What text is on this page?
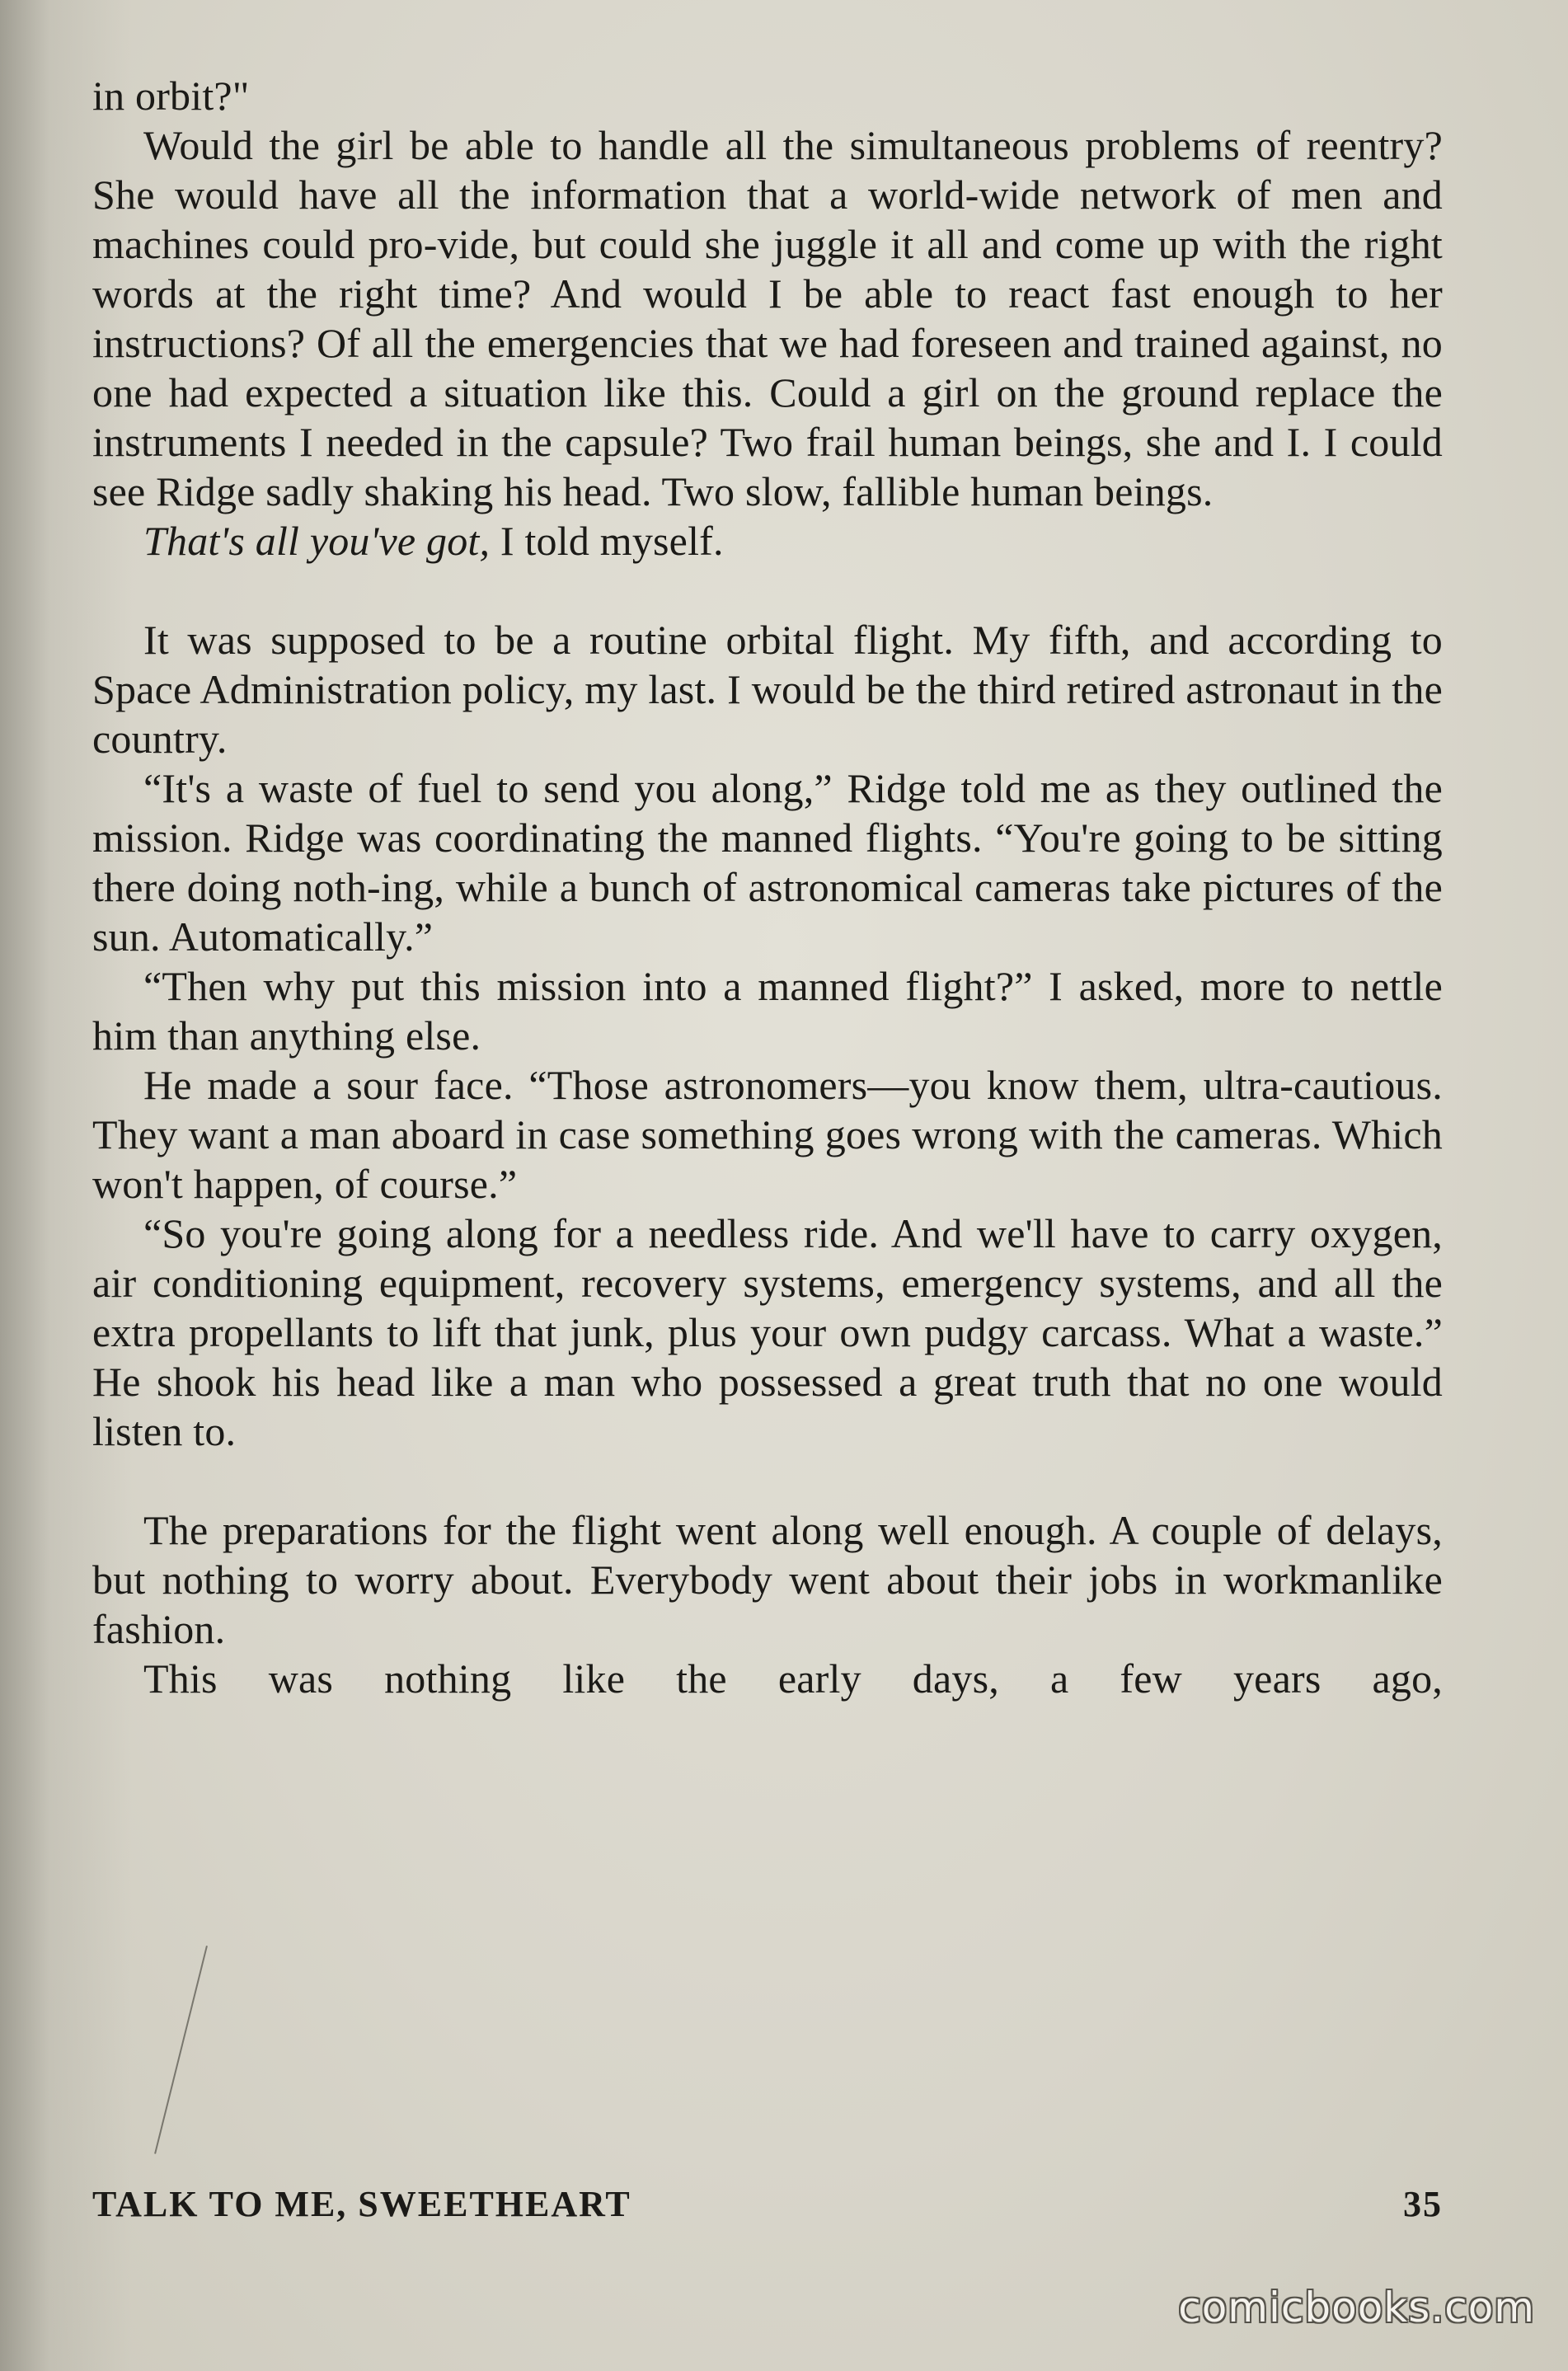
in orbit?"

Would the girl be able to handle all the simultaneous problems of reentry? She would have all the information that a world-wide network of men and machines could pro-vide, but could she juggle it all and come up with the right words at the right time? And would I be able to react fast enough to her instructions? Of all the emergencies that we had foreseen and trained against, no one had expected a situation like this. Could a girl on the ground replace the instruments I needed in the capsule? Two frail human beings, she and I. I could see Ridge sadly shaking his head. Two slow, fallible human beings.

That's all you've got, I told myself.

It was supposed to be a routine orbital flight. My fifth, and according to Space Administration policy, my last. I would be the third retired astronaut in the country.

“It's a waste of fuel to send you along,” Ridge told me as they outlined the mission. Ridge was coordinating the manned flights. “You're going to be sitting there doing noth-ing, while a bunch of astronomical cameras take pictures of the sun. Automatically.”

“Then why put this mission into a manned flight?” I asked, more to nettle him than anything else.

He made a sour face. “Those astronomers—you know them, ultra-cautious. They want a man aboard in case something goes wrong with the cameras. Which won't happen, of course.”

“So you're going along for a needless ride. And we'll have to carry oxygen, air conditioning equipment, recovery systems, emergency systems, and all the extra propellants to lift that junk, plus your own pudgy carcass. What a waste.” He shook his head like a man who possessed a great truth that no one would listen to.

The preparations for the flight went along well enough. A couple of delays, but nothing to worry about. Everybody went about their jobs in workmanlike fashion.

This was nothing like the early days, a few years ago,

TALK TO ME, SWEETHEART	35
comicbooks.com
